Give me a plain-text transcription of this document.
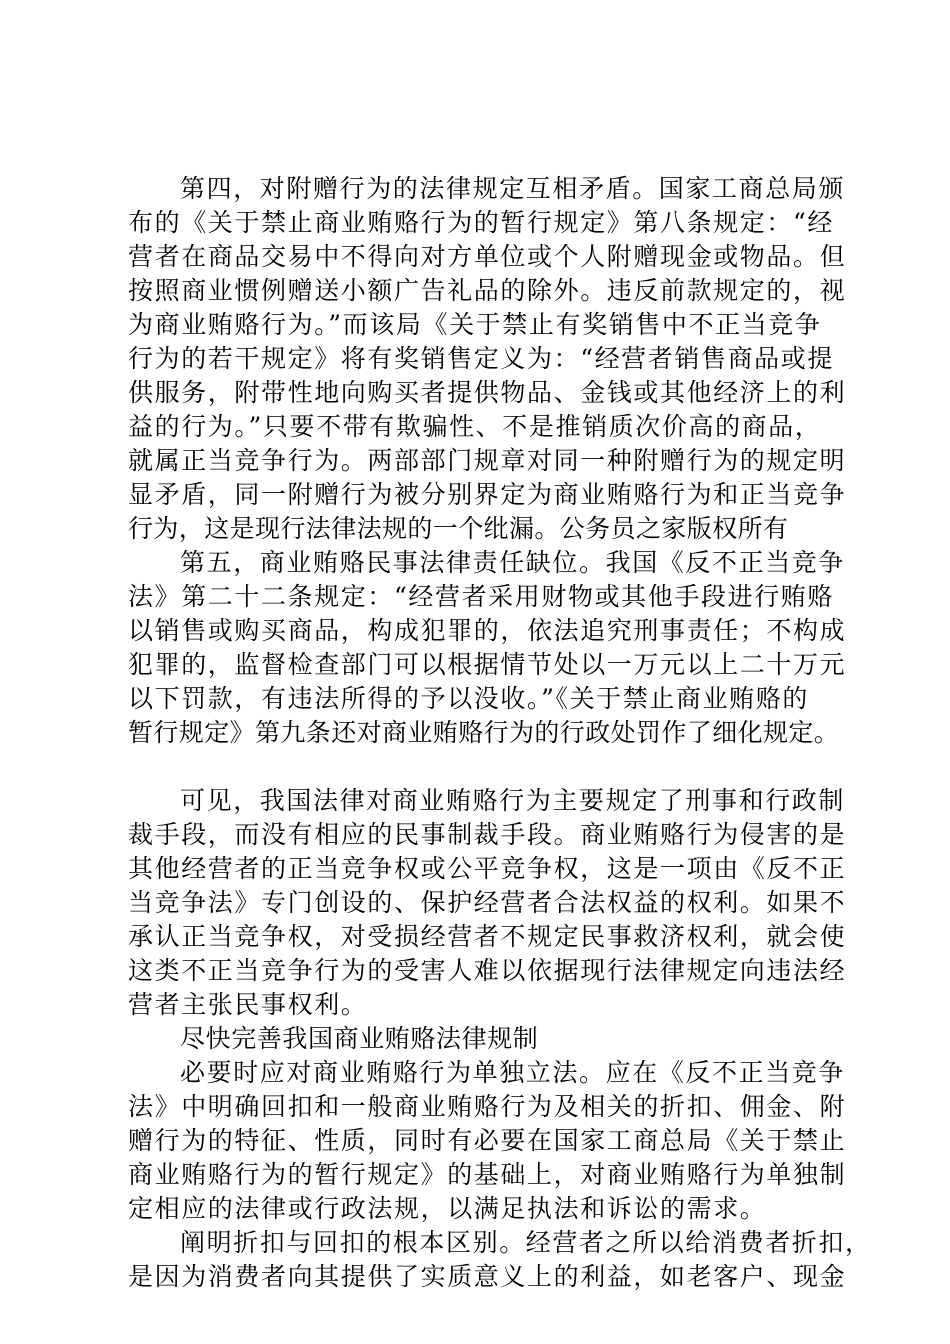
第四，对附赠行为的法律规定互相矛盾。国家工商总局颁
布的《关于禁止商业贿赂行为的暂行规定》第八条规定：“经
营者在商品交易中不得向对方单位或个人附赠现金或物品。但
按照商业惯例赠送小额广告礼品的除外。违反前款规定的，视
为商业贿赂行为。”而该局《关于禁止有奖销售中不正当竞争
行为的若干规定》将有奖销售定义为：“经营者销售商品或提
供服务，附带性地向购买者提供物品、金钱或其他经济上的利
益的行为。”只要不带有欺骗性、不是推销质次价高的商品，
就属正当竞争行为。两部部门规章对同一种附赠行为的规定明
显矛盾，同一附赠行为被分别界定为商业贿赂行为和正当竞争
行为，这是现行法律法规的一个纰漏。公务员之家版权所有
第五，商业贿赂民事法律责任缺位。我国《反不正当竞争
法》第二十二条规定：“经营者采用财物或其他手段进行贿赂
以销售或购买商品，构成犯罪的，依法追究刑事责任；不构成
犯罪的，监督检查部门可以根据情节处以一万元以上二十万元
以下罚款，有违法所得的予以没收。”《关于禁止商业贿赂的
暂行规定》第九条还对商业贿赂行为的行政处罚作了细化规定。
可见，我国法律对商业贿赂行为主要规定了刑事和行政制
裁手段，而没有相应的民事制裁手段。商业贿赂行为侵害的是
其他经营者的正当竞争权或公平竞争权，这是一项由《反不正
当竞争法》专门创设的、保护经营者合法权益的权利。如果不
承认正当竞争权，对受损经营者不规定民事救济权利，就会使
这类不正当竞争行为的受害人难以依据现行法律规定向违法经
营者主张民事权利。
尽快完善我国商业贿赂法律规制
必要时应对商业贿赂行为单独立法。应在《反不正当竞争
法》中明确回扣和一般商业贿赂行为及相关的折扣、佣金、附
赠行为的特征、性质，同时有必要在国家工商总局《关于禁止
商业贿赂行为的暂行规定》的基础上，对商业贿赂行为单独制
定相应的法律或行政法规，以满足执法和诉讼的需求。
阐明折扣与回扣的根本区别。经营者之所以给消费者折扣，
是因为消费者向其提供了实质意义上的利益，如老客户、现金
